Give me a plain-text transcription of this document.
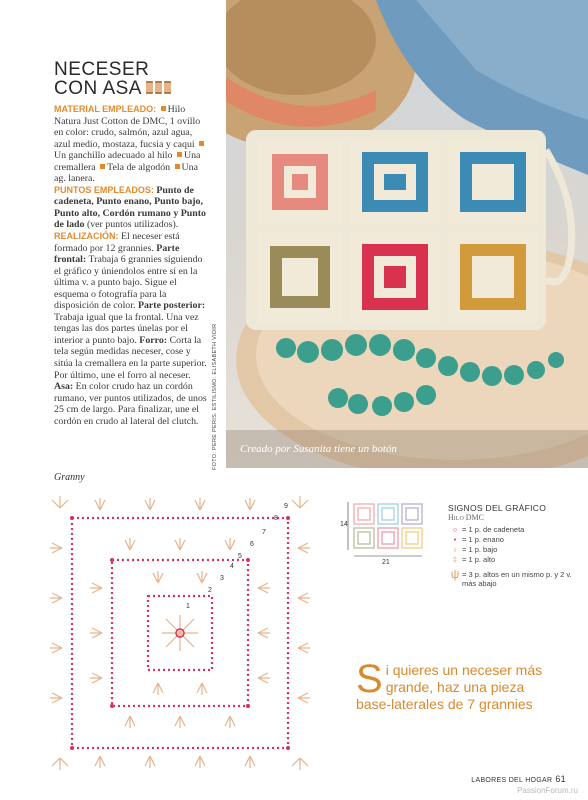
NECESER
CON ASA

MATERIAL EMPLEADO: Hilo Natura Just Cotton de DMC, 1 ovillo en color: crudo, salmón, azul agua, azul medio, mostaza, fucsia y caqui Un ganchillo adecuado al hilo Una cremallera Tela de algodón Una ag. lanera.

PUNTOS EMPLEADOS: Punto de cadeneta, Punto enano, Punto bajo, Punto alto, Cordón rumano y Punto de lado (ver puntos utilizados).

REALIZACIÓN: El neceser está formado por 12 grannies. Parte frontal: Trabaja 6 grannies siguiendo el gráfico y úniendolos entre sí en la última v. a punto bajo. Sigue el esquema o fotografía para la disposición de color. Parte posterior: Trabaja igual que la frontal. Una vez tengas las dos partes únelas por el interior a punto bajo. Forro: Corta la tela según medidas neceser, cose y sitúa la cremallera en la parte superior. Por último, une el forro al neceser. Asa: En color crudo haz un cordón rumano, ver puntos utilizados, de unos 25 cm de largo. Para finalizar, une el cordón en crudo al lateral del clutch.	FOTO: PERE PERIS. ESTILISMO: ELISABETH VIDIR Creado por Susanita tiene un botón
Granny
1
2
3
4
5
6
7
8
9
14
21
SIGNOS DEL GRÁFICO
Hilo DMC
○ = 1 p. de cadeneta
• = 1 p. enano
ı = 1 p. bajo
‡ = 1 p. alto
ψ = 3 p. altos en un mismo p. y 2 v. más abajo
Si quieres un neceser más grande, haz una pieza base-laterales de 7 grannies
LABORES DEL HOGAR 61
PassionForum.ru
